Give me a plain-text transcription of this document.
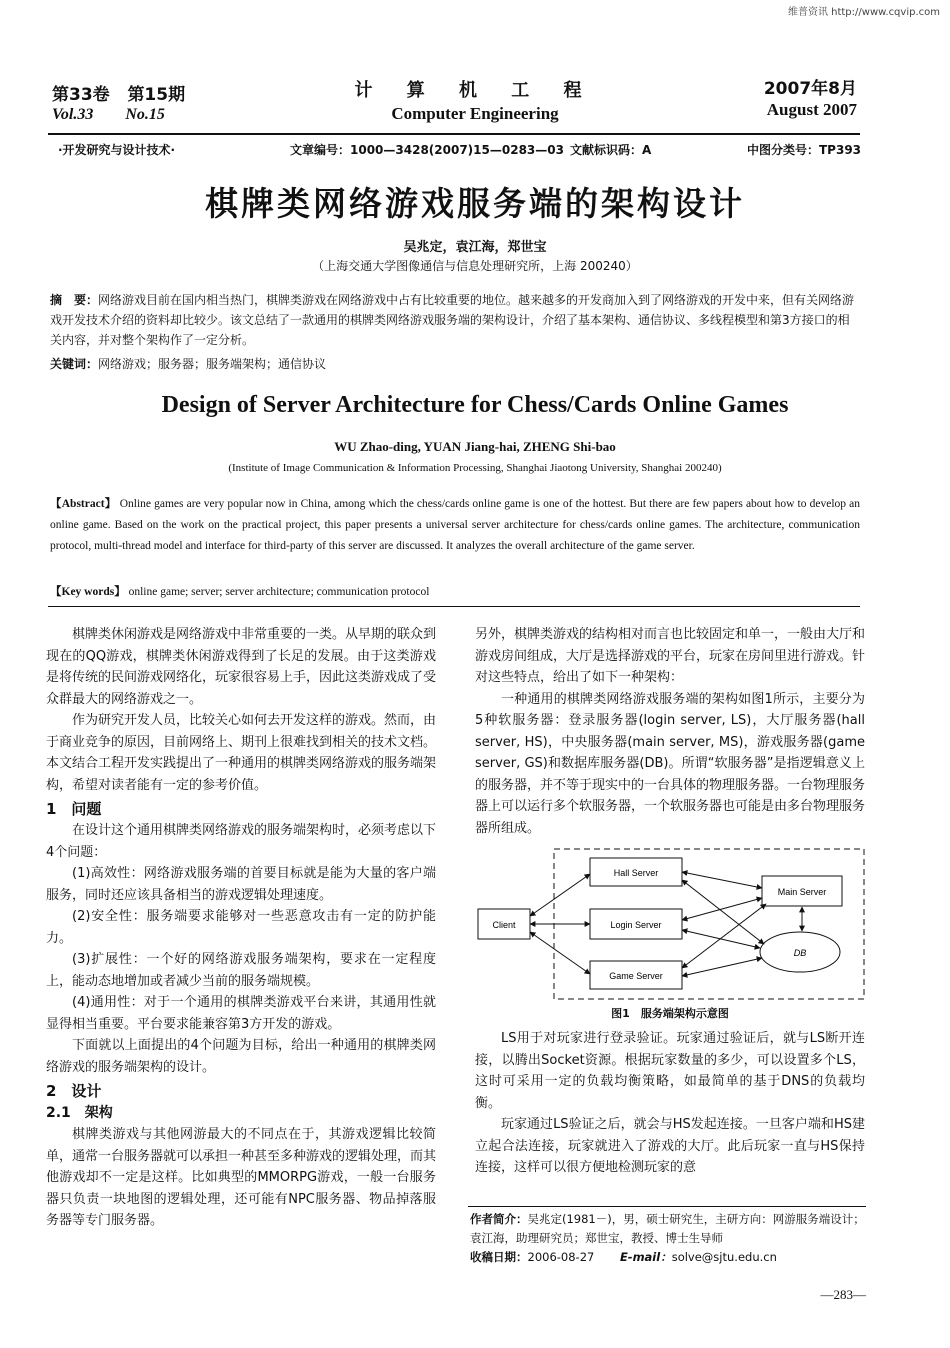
维普资讯 http://www.cqvip.com
第33卷 第15期
Vol.33 No.15
计 算 机 工 程
Computer Engineering
2007年8月
August 2007
·开发研究与设计技术·	文章编号：1000—3428(2007)15—0283—03 文献标识码：A	中图分类号：TP393
棋牌类网络游戏服务端的架构设计
吴兆定，袁江海，郑世宝
（上海交通大学图像通信与信息处理研究所，上海 200240）
摘　要：网络游戏目前在国内相当热门，棋牌类游戏在网络游戏中占有比较重要的地位。越来越多的开发商加入到了网络游戏的开发中来，但有关网络游戏开发技术介绍的资料却比较少。该文总结了一款通用的棋牌类网络游戏服务端的架构设计，介绍了基本架构、通信协议、多线程模型和第3方接口的相关内容，并对整个架构作了一定分析。
关键词：网络游戏；服务器；服务端架构；通信协议
Design of Server Architecture for Chess/Cards Online Games
WU Zhao-ding, YUAN Jiang-hai, ZHENG Shi-bao
(Institute of Image Communication & Information Processing, Shanghai Jiaotong University, Shanghai 200240)
【Abstract】 Online games are very popular now in China, among which the chess/cards online game is one of the hottest. But there are few papers about how to develop an online game. Based on the work on the practical project, this paper presents a universal server architecture for chess/cards online games. The architecture, communication protocol, multi-thread model and interface for third-party of this server are discussed. It analyzes the overall architecture of the game server.
【Key words】 online game; server; server architecture; communication protocol

棋牌类休闲游戏是网络游戏中非常重要的一类。从早期的联众到现在的QQ游戏，棋牌类休闲游戏得到了长足的发展。由于这类游戏是将传统的民间游戏网络化，玩家很容易上手，因此这类游戏成了受众群最大的网络游戏之一。

作为研究开发人员，比较关心如何去开发这样的游戏。然而，由于商业竞争的原因，目前网络上、期刊上很难找到相关的技术文档。本文结合工程开发实践提出了一种通用的棋牌类网络游戏的服务端架构，希望对读者能有一定的参考价值。

1　问题

在设计这个通用棋牌类网络游戏的服务端架构时，必须考虑以下4个问题：

(1)高效性：网络游戏服务端的首要目标就是能为大量的客户端服务，同时还应该具备相当的游戏逻辑处理速度。

(2)安全性：服务端要求能够对一些恶意攻击有一定的防护能力。

(3)扩展性：一个好的网络游戏服务端架构，要求在一定程度上，能动态地增加或者减少当前的服务端规模。

(4)通用性：对于一个通用的棋牌类游戏平台来讲，其通用性就显得相当重要。平台要求能兼容第3方开发的游戏。

下面就以上面提出的4个问题为目标，给出一种通用的棋牌类网络游戏的服务端架构的设计。

2　设计
2.1　架构

棋牌类游戏与其他网游最大的不同点在于，其游戏逻辑比较简单，通常一台服务器就可以承担一种甚至多种游戏的逻辑处理，而其他游戏却不一定是这样。比如典型的MMORPG游戏，一般一台服务器只负责一块地图的逻辑处理，还可能有NPC服务器、物品掉落服务器等专门服务器。

另外，棋牌类游戏的结构相对而言也比较固定和单一，一般由大厅和游戏房间组成，大厅是选择游戏的平台，玩家在房间里进行游戏。针对这些特点，给出了如下一种架构：

一种通用的棋牌类网络游戏服务端的架构如图1所示，主要分为5种软服务器：登录服务器(login server, LS)，大厅服务器(hall server, HS)，中央服务器(main server, MS)，游戏服务器(game server, GS)和数据库服务器(DB)。所谓“软服务器”是指逻辑意义上的服务器，并不等于现实中的一台具体的物理服务器。一台物理服务器上可以运行多个软服务器，一个软服务器也可能是由多台物理服务器所组成。

Client
Hall Server
Login Server
Game Server
Main Server
DB
图1　服务端架构示意图

LS用于对玩家进行登录验证。玩家通过验证后，就与LS断开连接，以腾出Socket资源。根据玩家数量的多少，可以设置多个LS，这时可采用一定的负载均衡策略，如最简单的基于DNS的负载均衡。

玩家通过LS验证之后，就会与HS发起连接。一旦客户端和HS建立起合法连接，玩家就进入了游戏的大厅。此后玩家一直与HS保持连接，这样可以很方便地检测玩家的意

作者简介：吴兆定(1981－)，男，硕士研究生，主研方向：网游服务端设计；袁江海，助理研究员；郑世宝，教授、博士生导师
收稿日期：2006-08-27 E-mail：solve@sjtu.edu.cn
—283—
